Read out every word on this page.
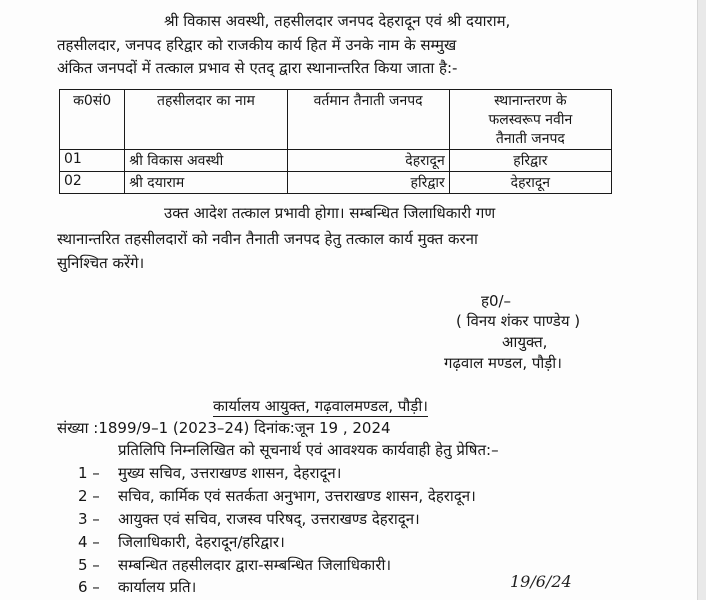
श्री विकास अवस्थी, तहसीलदार जनपद देहरादून एवं श्री दयाराम,
तहसीलदार, जनपद हरिद्वार को राजकीय कार्य हित में उनके नाम के सम्मुख
अंकित जनपदों में तत्काल प्रभाव से एतद् द्वारा स्थानान्तरित किया जाता है:-
क0सं0	तहसीलदार का नाम	वर्तमान तैनाती जनपद	स्थानान्तरण के
फलस्वरूप नवीन
तैनाती जनपद

01	श्री विकास अवस्थी	देहरादून	हरिद्वार
02	श्री दयाराम	हरिद्वार	देहरादून
उक्त आदेश तत्काल प्रभावी होगा। सम्बन्धित जिलाधिकारी गण
स्थानान्तरित तहसीलदारों को नवीन तैनाती जनपद हेतु तत्काल कार्य मुक्त करना
सुनिश्चित करेंगे।
ह0/–
( विनय शंकर पाण्डेय )
आयुक्त,
गढ़वाल मण्डल, पौड़ी।
कार्यालय आयुक्त, गढ़वालमण्डल, पौड़ी।
संख्या :1899/9–1 (2023–24) दिनांक:जून 19 , 2024
प्रतिलिपि निम्नलिखित को सूचनार्थ एवं आवश्यक कार्यवाही हेतु प्रेषित:–
1 – मुख्य सचिव, उत्तराखण्ड शासन, देहरादून।
2 – सचिव, कार्मिक एवं सतर्कता अनुभाग, उत्तराखण्ड शासन, देहरादून।
3 – आयुक्त एवं सचिव, राजस्व परिषद्, उत्तराखण्ड देहरादून।
4 – जिलाधिकारी, देहरादून/हरिद्वार।
5 – सम्बन्धित तहसीलदार द्वारा-सम्बन्धित जिलाधिकारी।
6 – कार्यालय प्रति।	19/6/24
